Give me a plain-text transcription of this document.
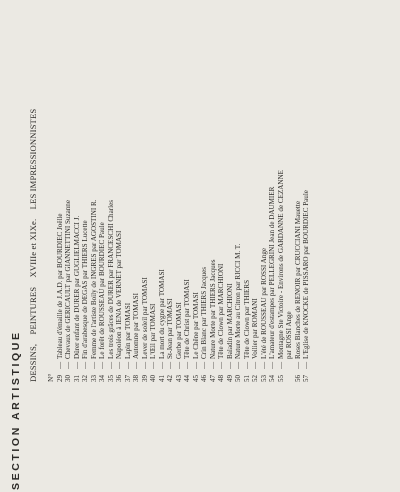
SECTION ARTISTIQUE DESSINS, PEINTURES XVIIIe et XIXe. LES IMPRESSIONNISTES
N° 29
—
Tableau d'émaille de J.A.D. par BOURDIEC Joëlle
30
—
Chevaux de GERICAULT par GIANNETTINI Suzanne
31
—
Dürer enfant de DURER par GUGLIELMACCI J.
32
—
Fin d'arabesque de DEGAS par THIERS Lucette
33
—
Femme de l'artiste Boily de INGRES par AGOSTINI R.
34
—
Le forêt de ROUSSEAU par BOURDIEC Paule
35
—
Les trois grâces de DURER par FRANCESCHI Charles
36
—
Napoléon à IENA de VERNET par TOMASI
37
—
Lapin par TOMASI
38
—
Automne par TOMASI
39
—
Lever de soleil par TOMASI
40
—
L'Œil par TOMASI
41
—
La mort du cygne par TOMASI
42
—
St-Jean par TOMASI
43
—
Gerbe par TOMASI
44
—
Tête de Christ par TOMASI
45
—
Le Chêne par TOMASI
46
—
Crin Blanc par THIERS Jacques
47
—
Nature Morte par THIERS Jacques
48
—
Tête de Clown par MARCHIONI
49
—
Baladin par MARCHIONI
50
—
Nature Morte au Citron par RICCI M. T.
51
—
Tête de Clown par THIERS
52
—
Voilier par ROMANI
53
—
L'été de ROUSSEAU par ROSSI Ange
54
—
L'amateur d'estampes par PELLEGRINI Jean de DAUMIER
55
—
Montagne Ste Victoire - Environs de GARDANNE de CEZANNE par ROSSI Ange
56
—
Roses Blanches de RENOIR par CRUCCIANI Mauette
57
—
L'Eglise de KNOCKE de PISSARO par BOURDIEC Paule
